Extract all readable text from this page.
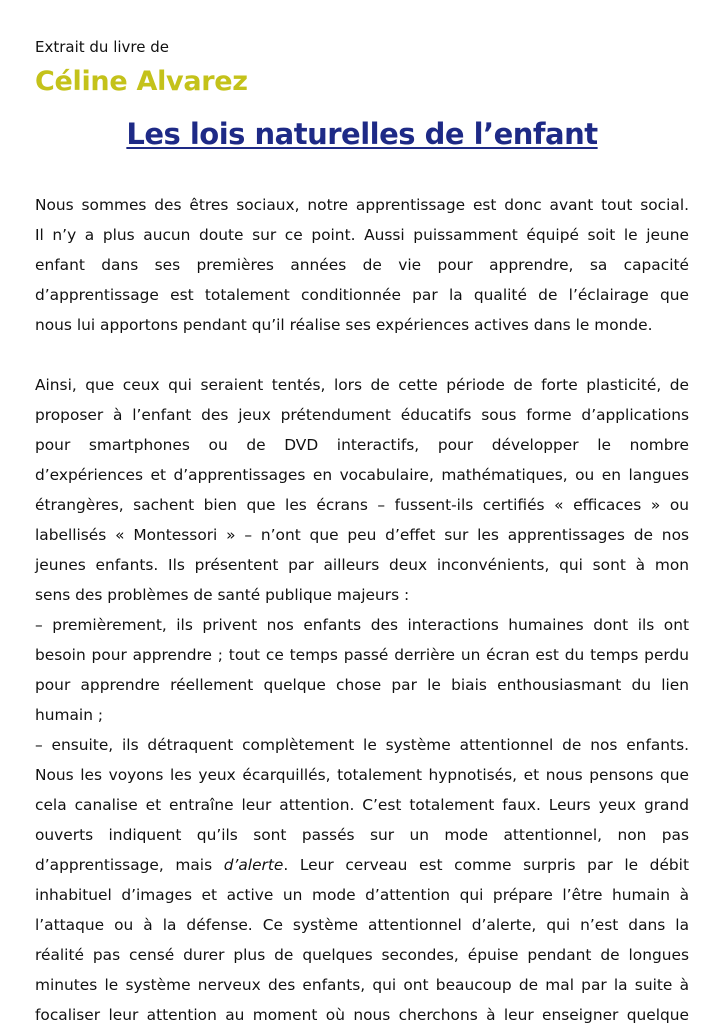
Extrait du livre de
Céline Alvarez
Les lois naturelles de l’enfant
Nous sommes des êtres sociaux, notre apprentissage est donc avant tout social.
Il n’y a plus aucun doute sur ce point. Aussi puissamment équipé soit le jeune
enfant dans ses premières années de vie pour apprendre, sa capacité
d’apprentissage est totalement conditionnée par la qualité de l’éclairage que
nous lui apportons pendant qu’il réalise ses expériences actives dans le monde.
Ainsi, que ceux qui seraient tentés, lors de cette période de forte plasticité, de
proposer à l’enfant des jeux prétendument éducatifs sous forme d’applications
pour smartphones ou de DVD interactifs, pour développer le nombre
d’expériences et d’apprentissages en vocabulaire, mathématiques, ou en langues
étrangères, sachent bien que les écrans – fussent-ils certifiés « efficaces » ou
labellisés « Montessori » – n’ont que peu d’effet sur les apprentissages de nos
jeunes enfants. Ils présentent par ailleurs deux inconvénients, qui sont à mon
sens des problèmes de santé publique majeurs :
– premièrement, ils privent nos enfants des interactions humaines dont ils ont
besoin pour apprendre ; tout ce temps passé derrière un écran est du temps perdu
pour apprendre réellement quelque chose par le biais enthousiasmant du lien
humain ;
– ensuite, ils détraquent complètement le système attentionnel de nos enfants.
Nous les voyons les yeux écarquillés, totalement hypnotisés, et nous pensons que
cela canalise et entraîne leur attention. C’est totalement faux. Leurs yeux grand
ouverts indiquent qu’ils sont passés sur un mode attentionnel, non pas
d’apprentissage, mais d’alerte. Leur cerveau est comme surpris par le débit
inhabituel d’images et active un mode d’attention qui prépare l’être humain à
l’attaque ou à la défense. Ce système attentionnel d’alerte, qui n’est dans la
réalité pas censé durer plus de quelques secondes, épuise pendant de longues
minutes le système nerveux des enfants, qui ont beaucoup de mal par la suite à
focaliser leur attention au moment où nous cherchons à leur enseigner quelque
